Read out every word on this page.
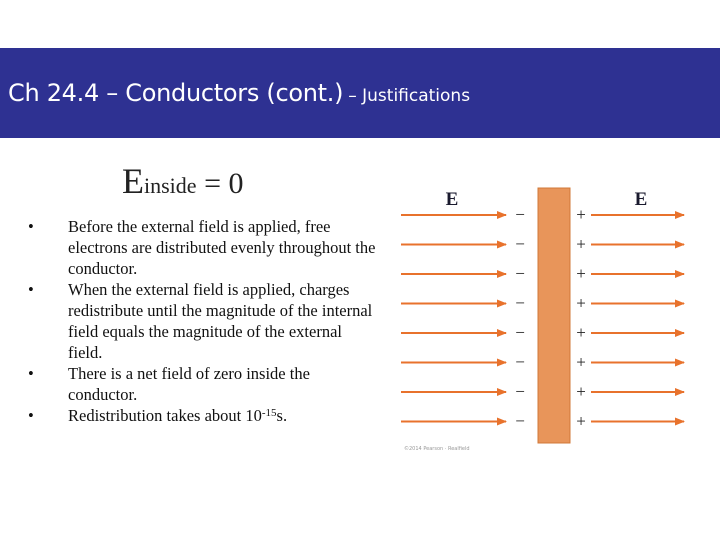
Ch 24.4 – Conductors (cont.) – Justifications
Einside = 0
• Before the external field is applied, free electrons are distributed evenly throughout the conductor.
• When the external field is applied, charges redistribute until the magnitude of the internal field equals the magnitude of the external field.
• There is a net field of zero inside the conductor.
• Redistribution takes about $10^{-15}s$.
−	+
−	+
−	+
−	+
−	+
−	+
−	+
−	+
E	E
©2014 Pearson · Realfield
